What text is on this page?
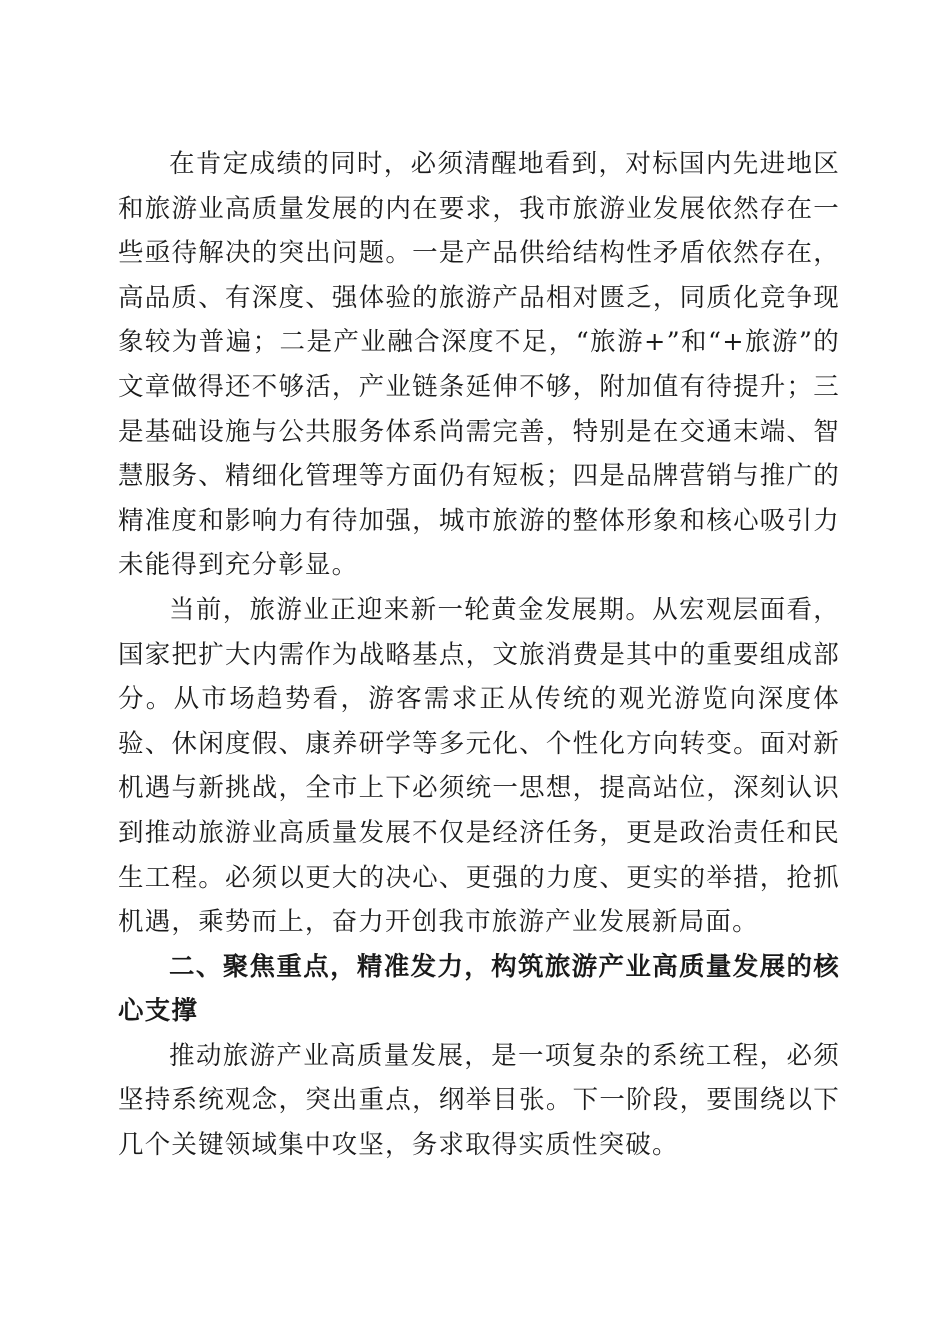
在肯定成绩的同时，必须清醒地看到，对标国内先进地区和旅游业高质量发展的内在要求，我市旅游业发展依然存在一些亟待解决的突出问题。一是产品供给结构性矛盾依然存在，高品质、有深度、强体验的旅游产品相对匮乏，同质化竞争现象较为普遍；二是产业融合深度不足，“旅游+”和“+旅游”的文章做得还不够活，产业链条延伸不够，附加值有待提升；三是基础设施与公共服务体系尚需完善，特别是在交通末端、智慧服务、精细化管理等方面仍有短板；四是品牌营销与推广的精准度和影响力有待加强，城市旅游的整体形象和核心吸引力未能得到充分彰显。

当前，旅游业正迎来新一轮黄金发展期。从宏观层面看，国家把扩大内需作为战略基点，文旅消费是其中的重要组成部分。从市场趋势看，游客需求正从传统的观光游览向深度体验、休闲度假、康养研学等多元化、个性化方向转变。面对新机遇与新挑战，全市上下必须统一思想，提高站位，深刻认识到推动旅游业高质量发展不仅是经济任务，更是政治责任和民生工程。必须以更大的决心、更强的力度、更实的举措，抢抓机遇，乘势而上，奋力开创我市旅游产业发展新局面。

二、聚焦重点，精准发力，构筑旅游产业高质量发展的核心支撑

推动旅游产业高质量发展，是一项复杂的系统工程，必须坚持系统观念，突出重点，纲举目张。下一阶段，要围绕以下几个关键领域集中攻坚，务求取得实质性突破。
